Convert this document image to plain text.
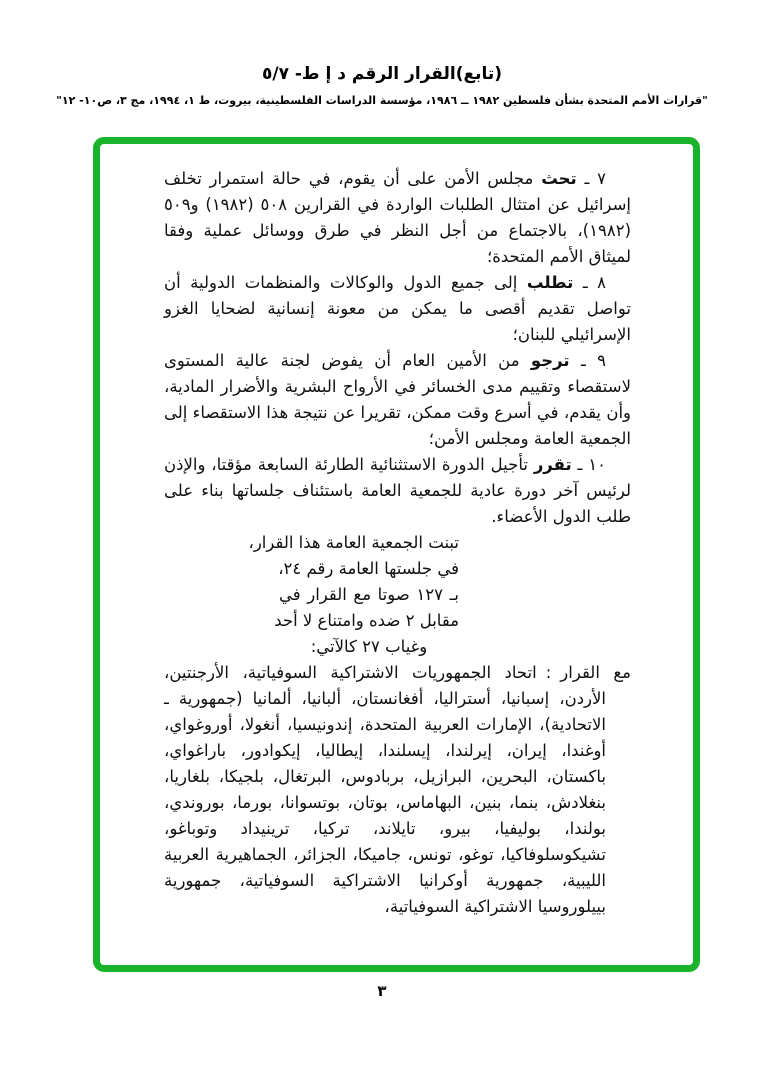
(تابع)القرار الرقم د إ ط- ٥/٧
"قرارات الأمم المتحدة بشأن فلسطين ١٩٨٢ ــ ١٩٨٦، مؤسسة الدراسات الفلسطينية، بيروت، ط ١، ١٩٩٤، مج ٣، ص١٠- ١٢"

٧ ـ تحث مجلس الأمن على أن يقوم، في حالة استمرار تخلف إسرائيل عن امتثال الطلبات الواردة في القرارين ٥٠٨ (١٩٨٢) و٥٠٩ (١٩٨٢)، بالاجتماع من أجل النظر في طرق ووسائل عملية وفقا لميثاق الأمم المتحدة؛

٨ ـ تطلب إلى جميع الدول والوكالات والمنظمات الدولية أن تواصل تقديم أقصى ما يمكن من معونة إنسانية لضحايا الغزو الإسرائيلي للبنان؛

٩ ـ ترجو من الأمين العام أن يفوض لجنة عالية المستوى لاستقصاء وتقييم مدى الخسائر في الأرواح البشرية والأضرار المادية، وأن يقدم، في أسرع وقت ممكن، تقريرا عن نتيجة هذا الاستقصاء إلى الجمعية العامة ومجلس الأمن؛

١٠ ـ تقرر تأجيل الدورة الاستثنائية الطارئة السابعة مؤقتا، والإذن لرئيس آخر دورة عادية للجمعية العامة باستئناف جلساتها بناء على طلب الدول الأعضاء.

تبنت الجمعية العامة هذا القرار،
في جلستها العامة رقم ٢٤،
بـ ١٢٧ صوتا مع القرار في
مقابل ٢ ضده وامتناع لا أحد
وغياب ٢٧ كالآتي:

مع القرار:اتحاد الجمهوريات الاشتراكية السوفياتية، الأرجنتين، الأردن، إسبانيا، أستراليا، أفغانستان، ألبانيا، ألمانيا (جمهورية ـ الاتحادية)، الإمارات العربية المتحدة، إندونيسيا، أنغولا، أوروغواي، أوغندا، إيران، إيرلندا، إيسلندا، إيطاليا، إيكوادور، باراغواي، باكستان، البحرين، البرازيل، بربادوس، البرتغال، بلجيكا، بلغاريا، بنغلادش، بنما، بنين، البهاماس، بوتان، بوتسوانا، بورما، بوروندي، بولندا، بوليفيا، بيرو، تايلاند، تركيا، ترينيداد وتوباغو، تشيكوسلوفاكيا، توغو، تونس، جاميكا، الجزائر، الجماهيرية العربية الليبية، جمهورية أوكرانيا الاشتراكية السوفياتية، جمهورية بييلوروسيا الاشتراكية السوفياتية،

٣
